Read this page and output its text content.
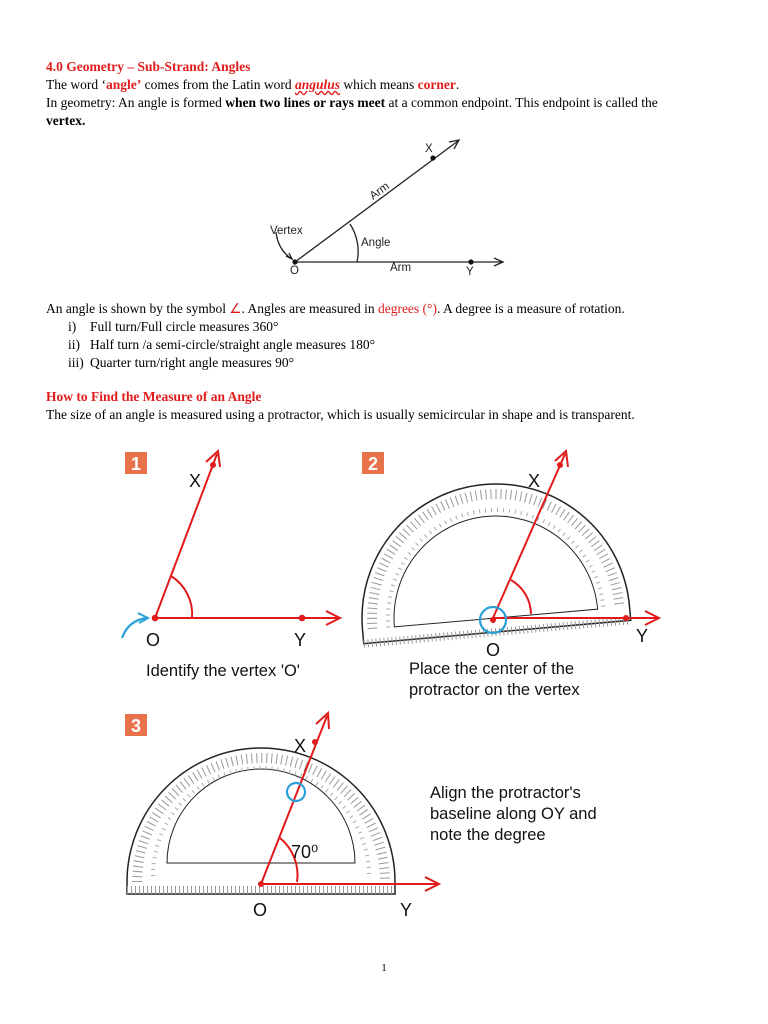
4.0 Geometry – Sub-Strand: Angles
The word ‘angle’ comes from the Latin word angulus which means corner.
In geometry: An angle is formed when two lines or rays meet at a common endpoint. This endpoint is called the
vertex.
X
Arm
Vertex
Angle
O	Arm	Y
An angle is shown by the symbol ∠. Angles are measured in degrees (°). A degree is a measure of rotation.
i) Full turn/Full circle measures 360°
ii) Half turn /a semi-circle/straight angle measures 180°
iii) Quarter turn/right angle measures 90°
How to Find the Measure of an Angle
The size of an angle is measured using a protractor, which is usually semicircular in shape and is transparent.
1
X
O	Y
Identify the vertex 'O'
2
X
O
Y
Place the center of the
protractor on the vertex
3
X
70⁰
O	Y
Align the protractor's
baseline along OY and
note the degree
1
